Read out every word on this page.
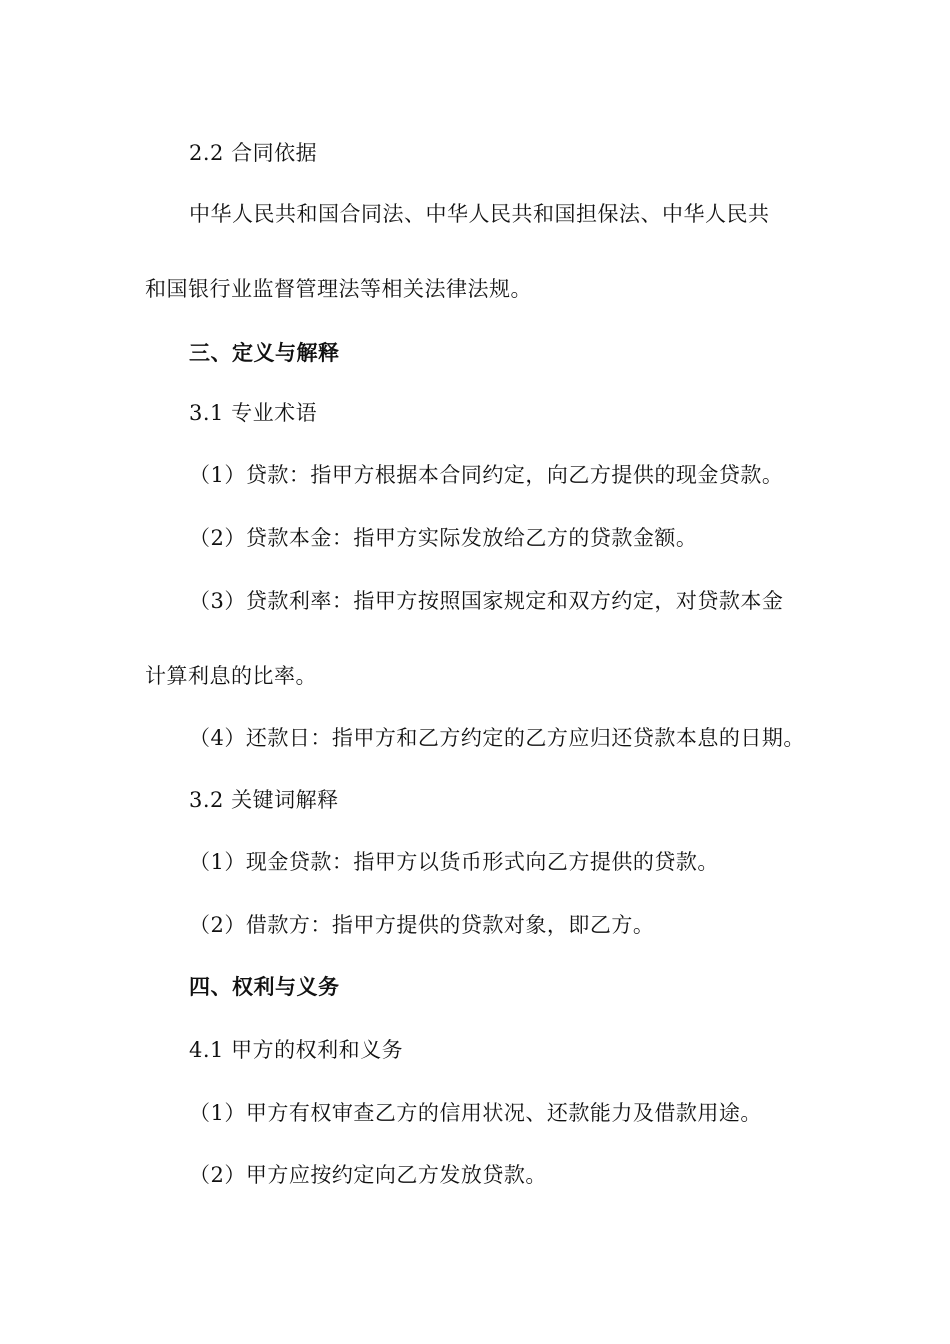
2.2 合同依据
中华人民共和国合同法、中华人民共和国担保法、中华人民共
和国银行业监督管理法等相关法律法规。
三、定义与解释
3.1 专业术语
（1）贷款：指甲方根据本合同约定，向乙方提供的现金贷款。
（2）贷款本金：指甲方实际发放给乙方的贷款金额。
（3）贷款利率：指甲方按照国家规定和双方约定，对贷款本金
计算利息的比率。
（4）还款日：指甲方和乙方约定的乙方应归还贷款本息的日期。
3.2 关键词解释
（1）现金贷款：指甲方以货币形式向乙方提供的贷款。
（2）借款方：指甲方提供的贷款对象，即乙方。
四、权利与义务
4.1 甲方的权利和义务
（1）甲方有权审查乙方的信用状况、还款能力及借款用途。
（2）甲方应按约定向乙方发放贷款。
